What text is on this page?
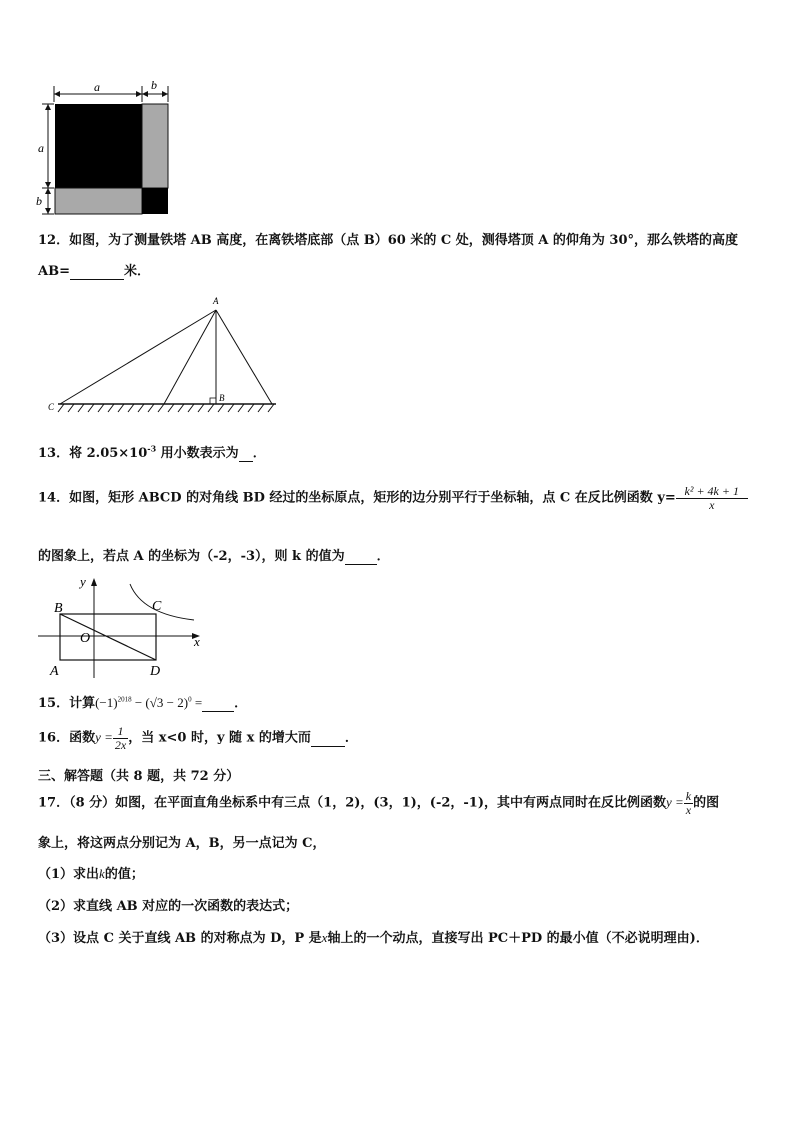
a	b
a
b
12．如图，为了测量铁塔 AB 高度，在离铁塔底部（点 B）60 米的 C 处，测得塔顶 A 的仰角为 30°，那么铁塔的高度
AB=	米．
A
B
C
13．将 $2.05\times 10^{-3}$ 用小数表示为 ．
14．如图，矩形 ABCD 的对角线 BD 经过的坐标原点，矩形的边分别平行于坐标轴，点 C 在反比例函数 $y= \frac{\text{k² + 4k + 1}}{x}$
的图象上，若点 A 的坐标为（-2，-3），则 k 的值为 ．
y
x
O
B	C
A	D
15．计算$(-1)^{2018} - (√3 - 2)^0$ = ．
16．函数$y = \frac{1}{2x}$ ，当 x<0 时，y 随 x 的增大而	．
三、解答题（共 8 题，共 72 分）
17．（8 分）如图，在平面直角坐标系中有三点（1，2)，(3，1)，(-2，-1)，其中有两点同时在反比例函数$y = \frac{k}{x}$ 的图
象上，将这两点分别记为 A，B，另一点记为 C，
（1）求出k的值；
（2）求直线 AB 对应的一次函数的表达式；
（3）设点 C 关于直线 AB 的对称点为 D，P 是x轴上的一个动点，直接写出 PC＋PD 的最小值（不必说明理由)．
